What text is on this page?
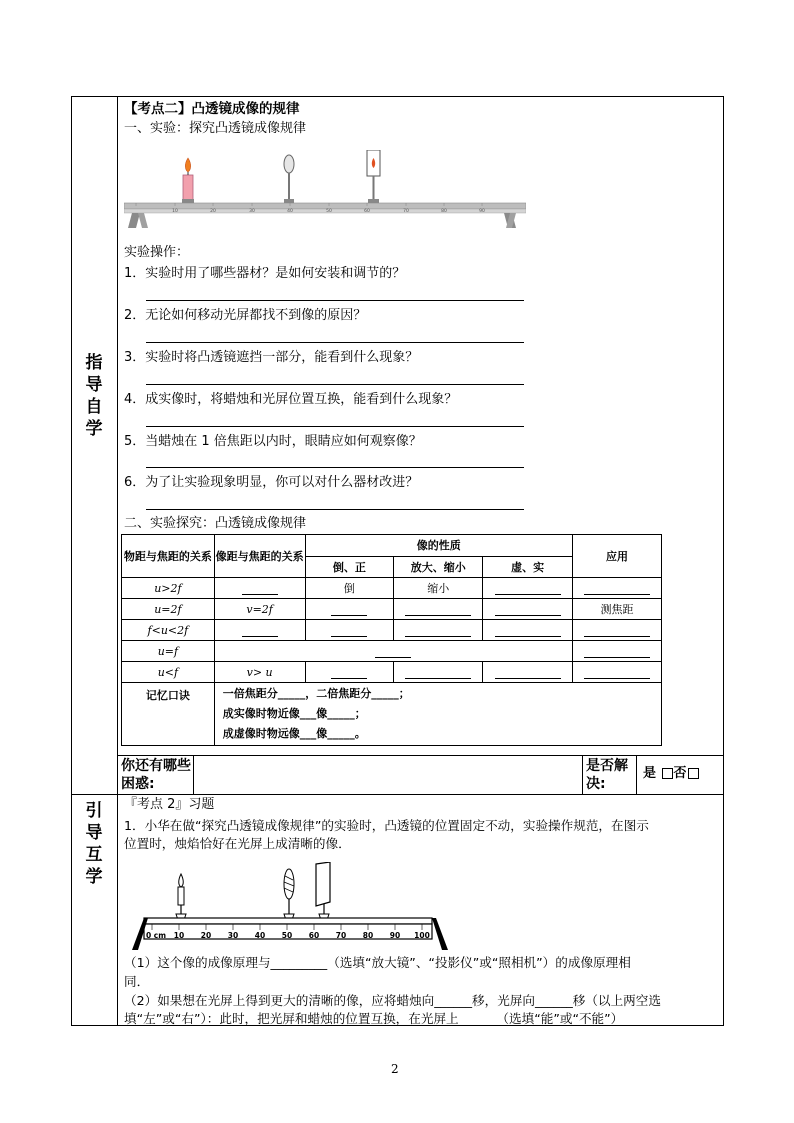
指
导
自
学
引
导
互
学
【考点二】凸透镜成像的规律
一、实验：探究凸透镜成像规律
10	20	30	40	50	60	70	80	90
实验操作：
1．实验时用了哪些器材？是如何安装和调节的？
2．无论如何移动光屏都找不到像的原因？
3．实验时将凸透镜遮挡一部分，能看到什么现象？
4．成实像时，将蜡烛和光屏位置互换，能看到什么现象？
5．当蜡烛在 1 倍焦距以内时，眼睛应如何观察像？
6．为了让实验现象明显，你可以对什么器材改进？
二、实验探究：凸透镜成像规律
物距与焦距的关系	像距与焦距的关系	像的性质			应用
		倒、正	放大、缩小	虚、实	
u>2f		倒	缩小		
u=2f	v=2f				测焦距
f<u<2f					
u=f					
u<f	v> u				
记忆口诀	一倍焦距分_____，二倍焦距分_____；
成实像时物近像___像_____；
成虚像时物远像___像_____。				
你还有哪些困惑:
是否解决:
是 否
『考点 2』习题
1．小华在做“探究凸透镜成像规律”的实验时，凸透镜的位置固定不动，实验操作规范，在图示
位置时，烛焰恰好在光屏上成清晰的像．
0 cm 10 20 30 40 50 60 70 80 90 100
（1）这个像的成像原理与_________（选填“放大镜”、“投影仪”或“照相机”）的成像原理相
同．
（2）如果想在光屏上得到更大的清晰的像，应将蜡烛向______移，光屏向______移（以上两空选
填“左”或“右”）：此时，把光屏和蜡烛的位置互换，在光屏上______（选填“能”或“不能”）
2
